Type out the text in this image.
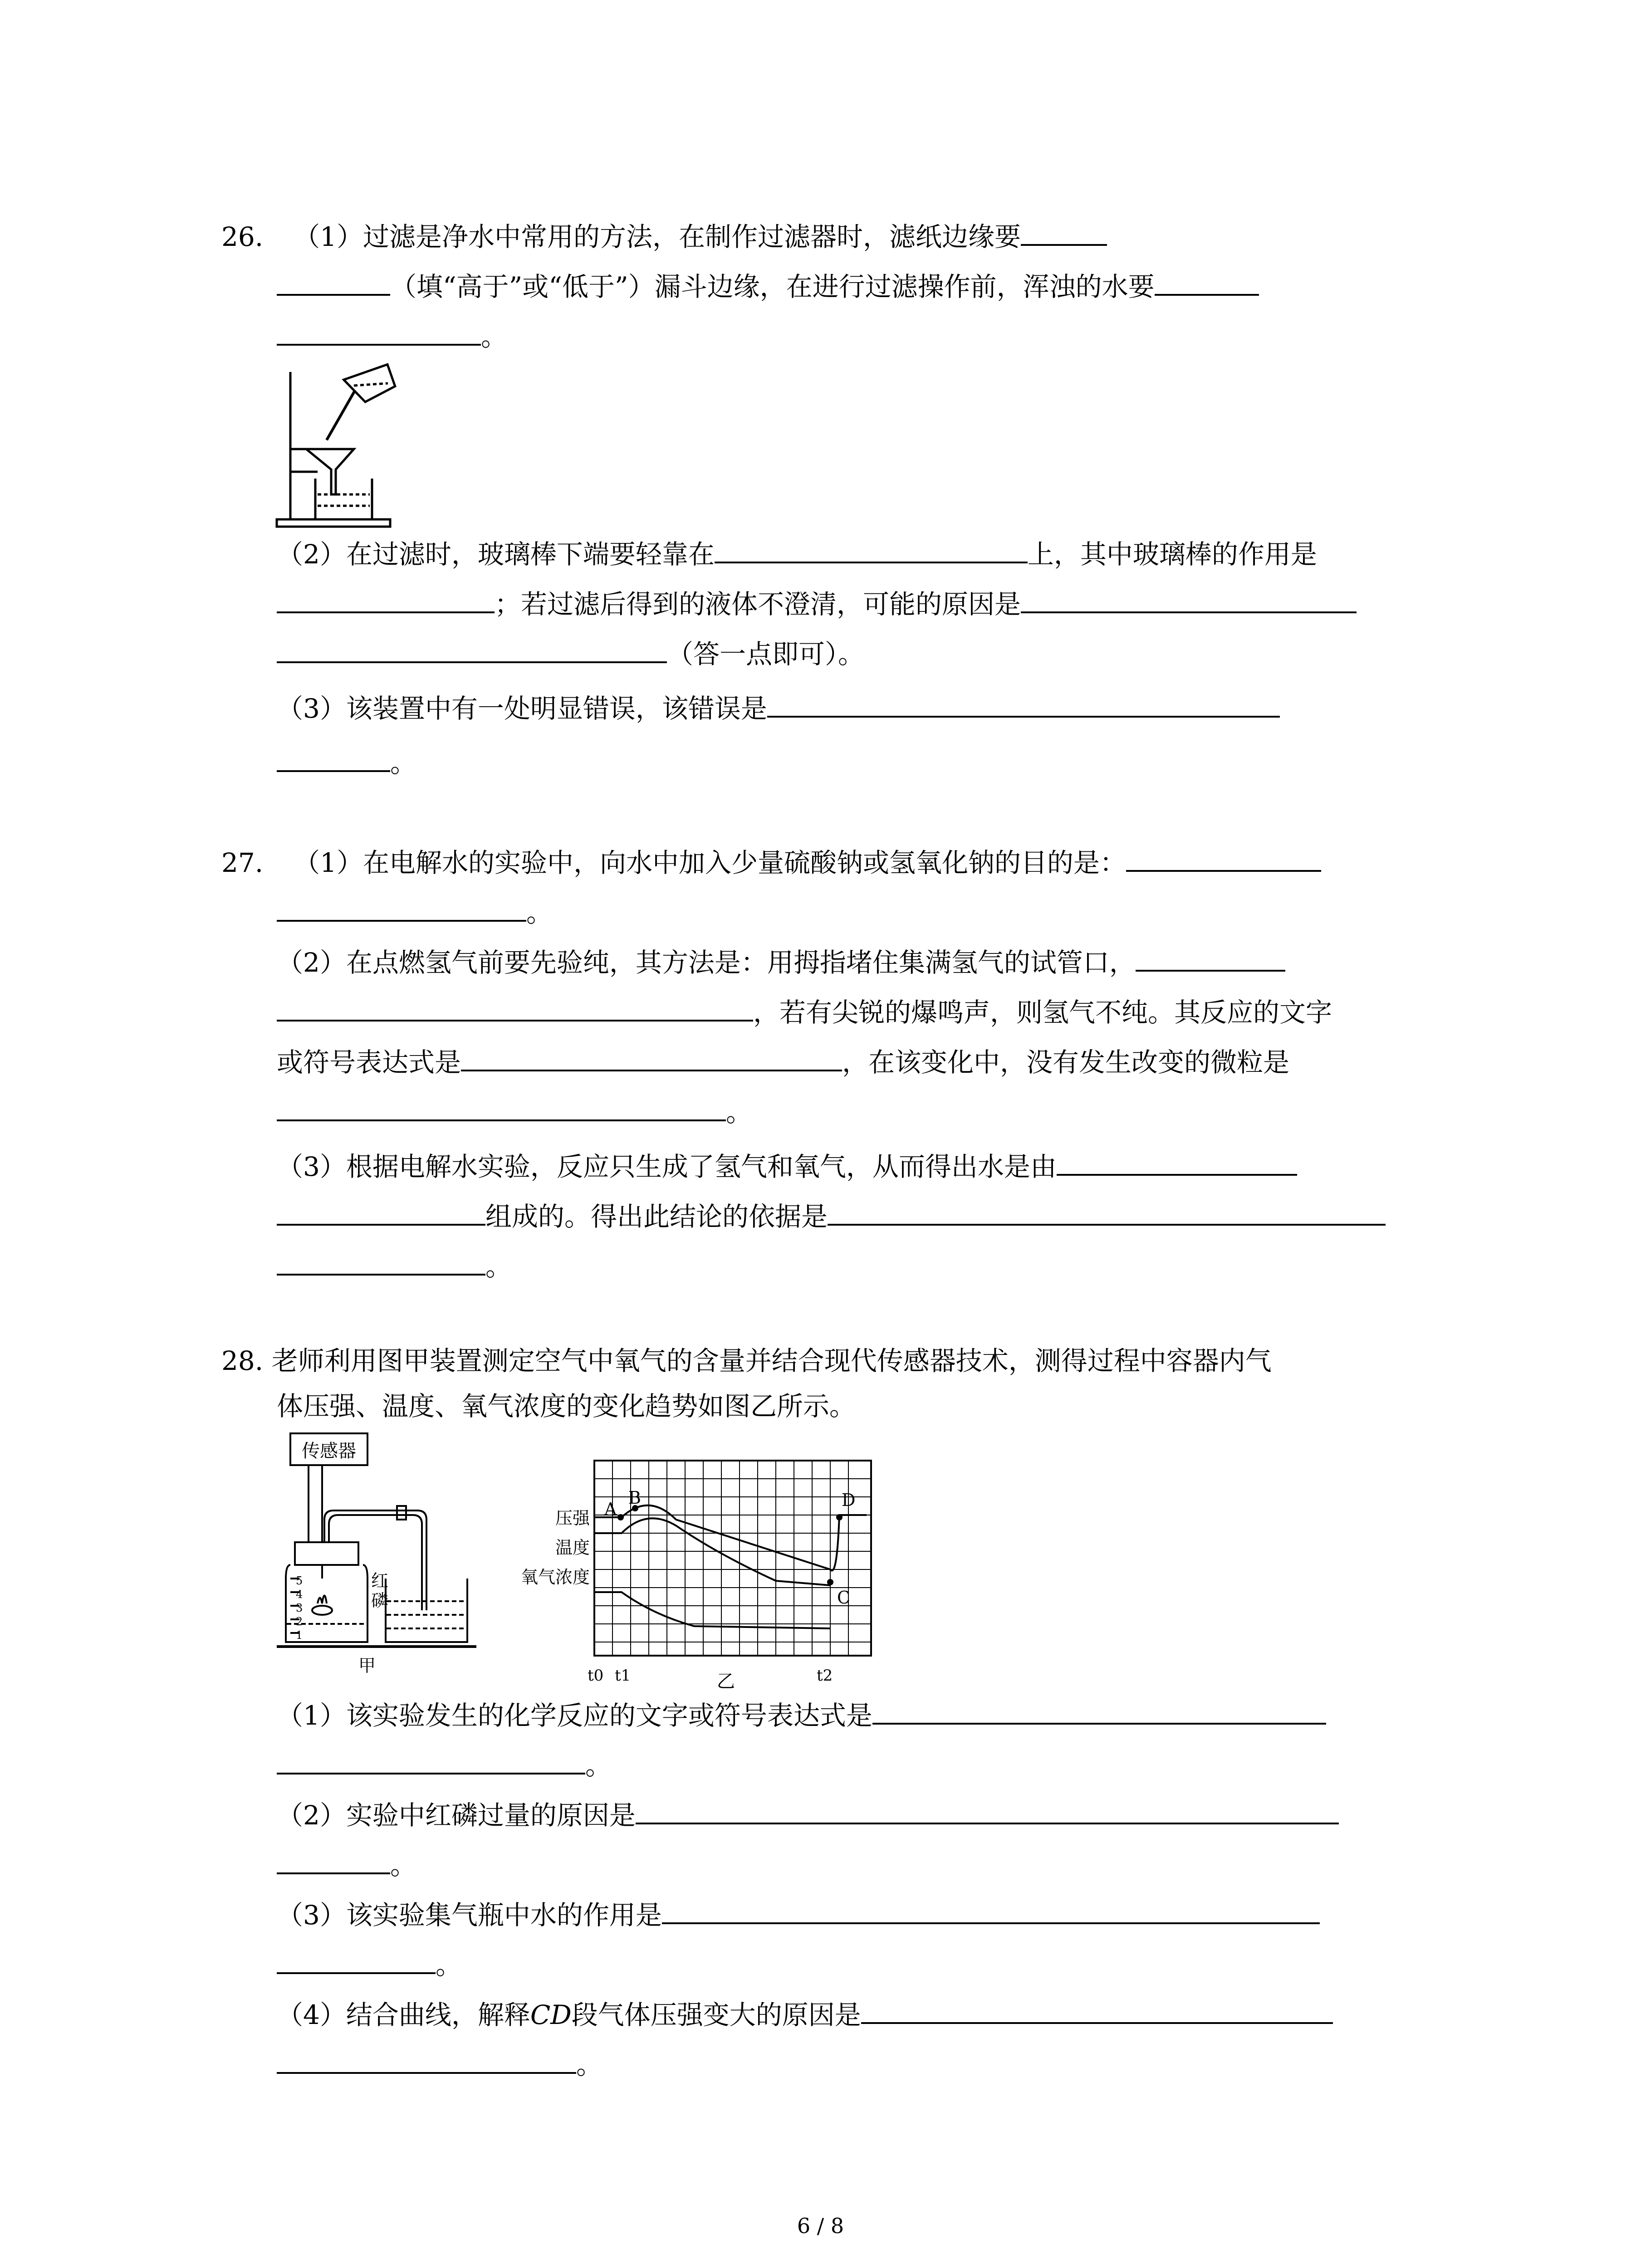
26. （1）过滤是净水中常用的方法，在制作过滤器时，滤纸边缘要
（填“高于”或“低于”）漏斗边缘，在进行过滤操作前，浑浊的水要
。
（2）在过滤时，玻璃棒下端要轻靠在	上，其中玻璃棒的作用是
；若过滤后得到的液体不澄清，可能的原因是
（答一点即可）。
（3）该装置中有一处明显错误，该错误是
。
27. （1）在电解水的实验中，向水中加入少量硫酸钠或氢氧化钠的目的是：
。
（2）在点燃氢气前要先验纯，其方法是：用拇指堵住集满氢气的试管口，
，若有尖锐的爆鸣声，则氢气不纯。其反应的文字
或符号表达式是	，在该变化中，没有发生改变的微粒是
。
（3）根据电解水实验，反应只生成了氢气和氧气，从而得出水是由
组成的。得出此结论的依据是
。
28. 老师利用图甲装置测定空气中氧气的含量并结合现代传感器技术，测得过程中容器内气
体压强、温度、氧气浓度的变化趋势如图乙所示。
传感器
红
磷
5
4
3
2
1
甲
A
B	D
C
压强
温度
氧气浓度
t0 t1	t2
乙
（1）该实验发生的化学反应的文字或符号表达式是
。
（2）实验中红磷过量的原因是
。
（3）该实验集气瓶中水的作用是
。
（4）结合曲线，解释CD段气体压强变大的原因是
。
6 / 8
